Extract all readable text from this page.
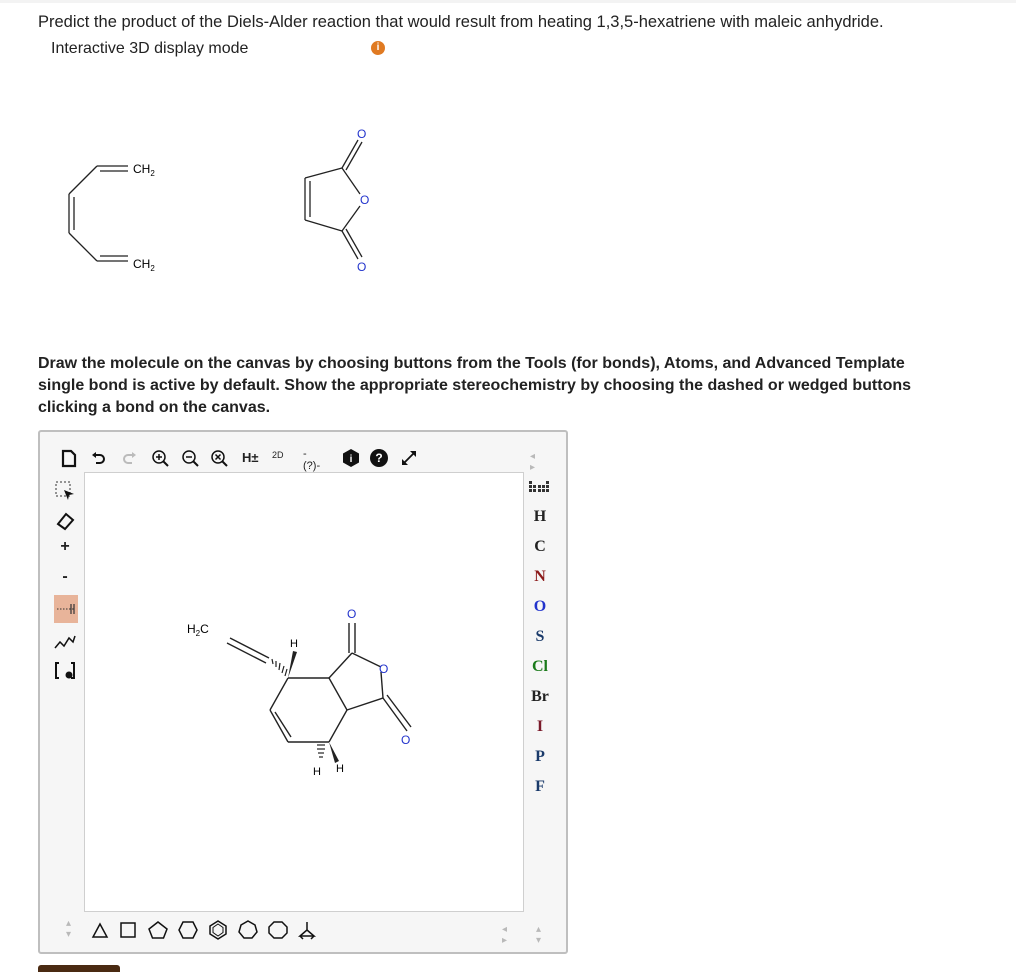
Predict the product of the Diels-Alder reaction that would result from heating 1,3,5-hexatriene with maleic anhydride.
Interactive 3D display mode	i
$CH_2$
$CH_2$
O
O
O
Draw the molecule on the canvas by choosing buttons from the Tools (for bonds), Atoms, and Advanced Template
single bond is active by default. Show the appropriate stereochemistry by choosing the dashed or wedged buttons
clicking a bond on the canvas.
H± 2D -(?)-
i ?	◂ ▸
+
-
$H_2C$
H
H H
O
O
O
H
C
N
O
S
Cl
Br
I
P
F
▴
▾
▴
▾	◂ ▸
